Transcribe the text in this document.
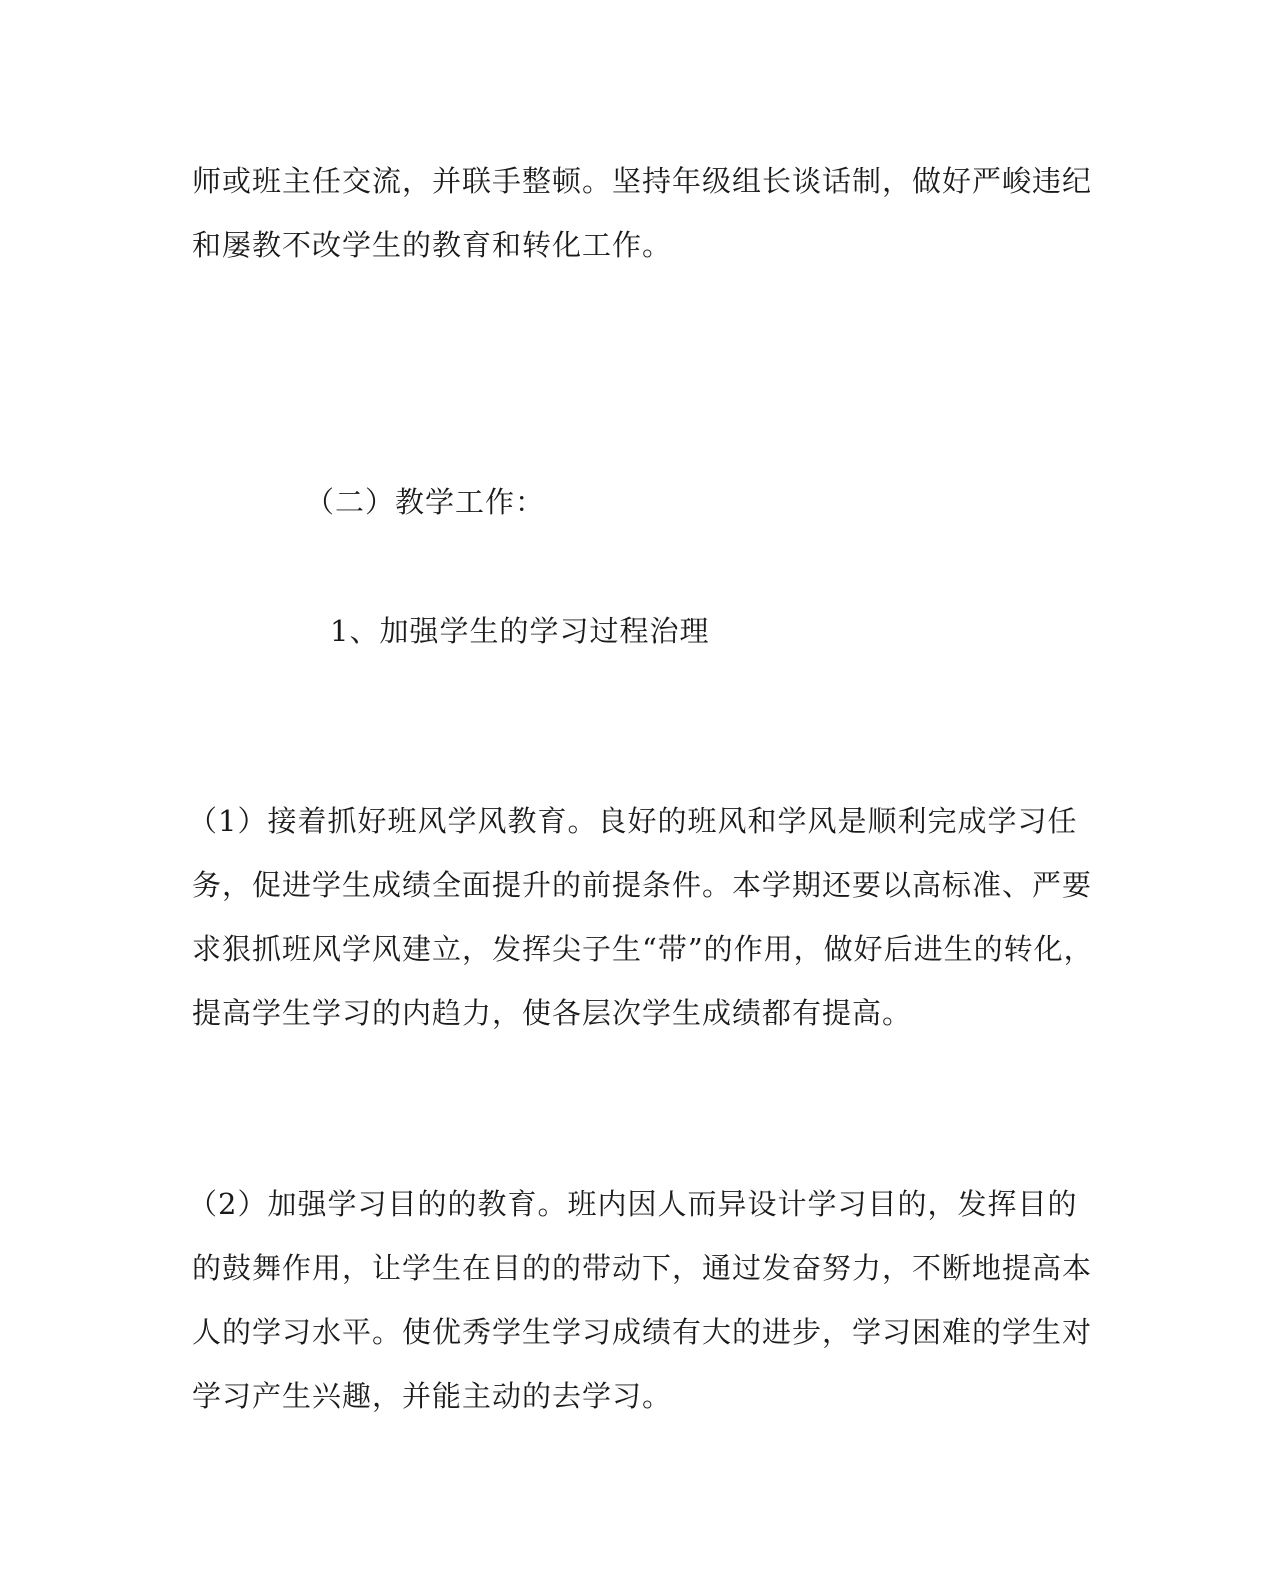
师或班主任交流，并联手整顿。坚持年级组长谈话制，做好严峻违纪
和屡教不改学生的教育和转化工作。
（二）教学工作：
1、加强学生的学习过程治理
（1）接着抓好班风学风教育。良好的班风和学风是顺利完成学习任
务，促进学生成绩全面提升的前提条件。本学期还要以高标准、严要
求狠抓班风学风建立，发挥尖子生“带”的作用，做好后进生的转化，
提高学生学习的内趋力，使各层次学生成绩都有提高。
（2）加强学习目的的教育。班内因人而异设计学习目的，发挥目的
的鼓舞作用，让学生在目的的带动下，通过发奋努力，不断地提高本
人的学习水平。使优秀学生学习成绩有大的进步，学习困难的学生对
学习产生兴趣，并能主动的去学习。
